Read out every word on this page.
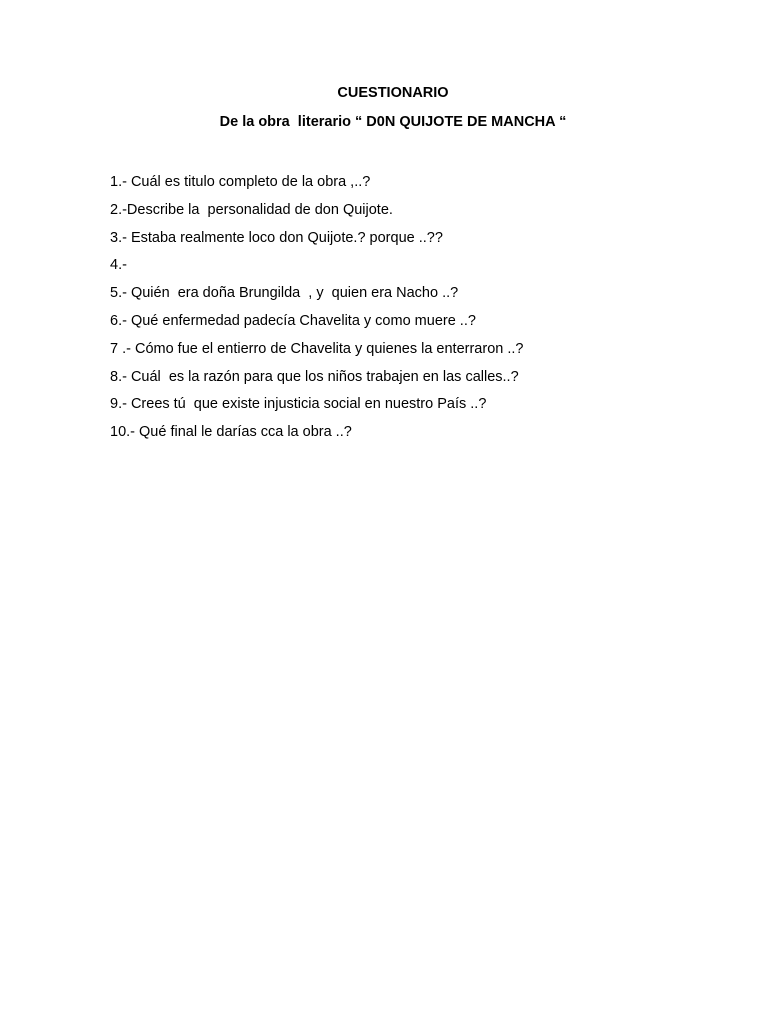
CUESTIONARIO
De la obra  literario “ D0N QUIJOTE DE MANCHA “
1.- Cuál es titulo completo de la obra ,..?
2.-Describe la  personalidad de don Quijote.
3.- Estaba realmente loco don Quijote.? porque ..??
4.-
5.- Quién  era doña Brungilda  , y  quien era Nacho ..?
6.- Qué enfermedad padecía Chavelita y como muere ..?
7 .- Cómo fue el entierro de Chavelita y quienes la enterraron ..?
8.- Cuál  es la razón para que los niños trabajen en las calles..?
9.- Crees tú  que existe injusticia social en nuestro País ..?
10.- Qué final le darías cca la obra ..?
